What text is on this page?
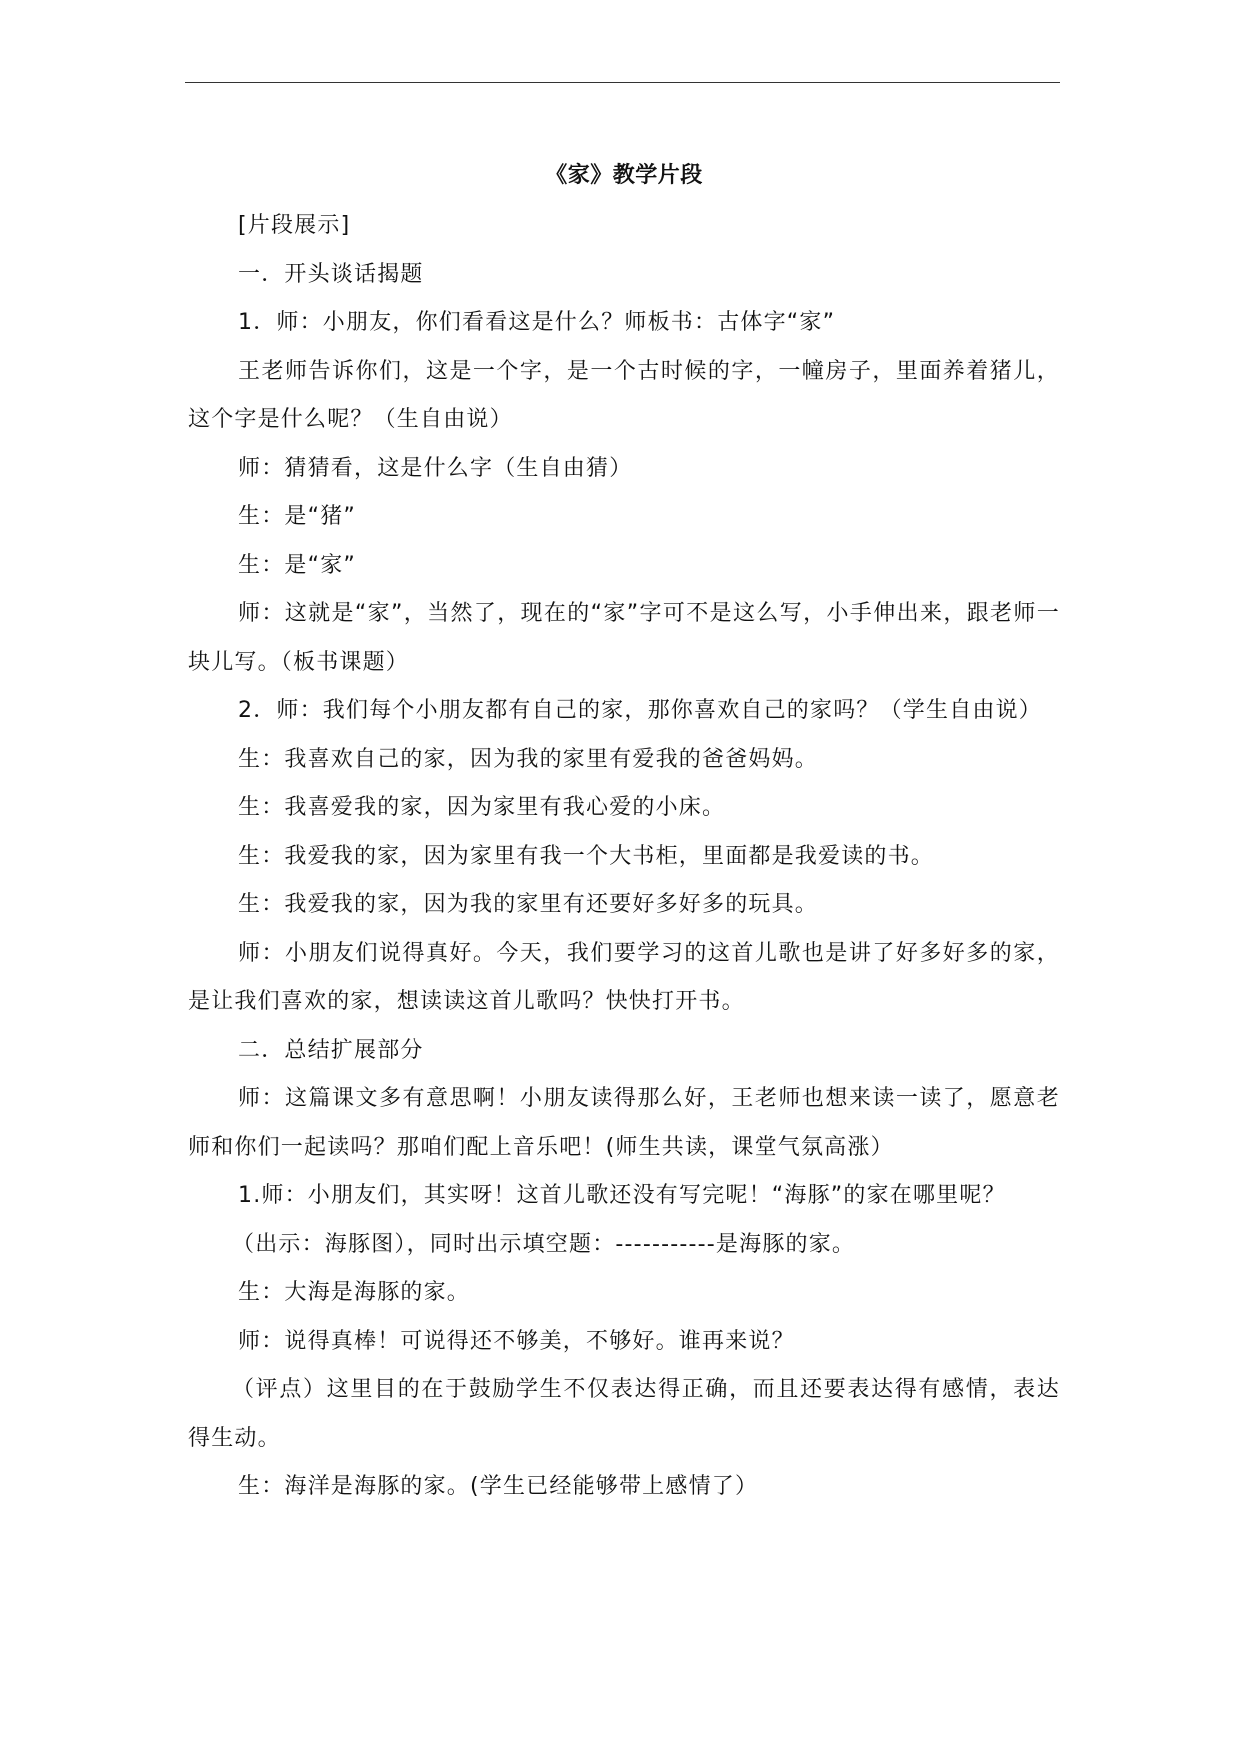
《家》教学片段

[片段展示]

一．开头谈话揭题

1．师：小朋友，你们看看这是什么？师板书：古体字“家”

王老师告诉你们，这是一个字，是一个古时候的字，一幢房子，里面养着猪儿，这个字是什么呢？（生自由说）

师：猜猜看，这是什么字（生自由猜）

生：是“猪”

生：是“家”

师：这就是“家”，当然了，现在的“家”字可不是这么写，小手伸出来，跟老师一块儿写。（板书课题）

2．师：我们每个小朋友都有自己的家，那你喜欢自己的家吗？（学生自由说）

生：我喜欢自己的家，因为我的家里有爱我的爸爸妈妈。

生：我喜爱我的家，因为家里有我心爱的小床。

生：我爱我的家，因为家里有我一个大书柜，里面都是我爱读的书。

生：我爱我的家，因为我的家里有还要好多好多的玩具。

师：小朋友们说得真好。今天，我们要学习的这首儿歌也是讲了好多好多的家，是让我们喜欢的家，想读读这首儿歌吗？快快打开书。

二．总结扩展部分

师：这篇课文多有意思啊！小朋友读得那么好，王老师也想来读一读了，愿意老师和你们一起读吗？那咱们配上音乐吧！(师生共读，课堂气氛高涨）

1.师：小朋友们，其实呀！这首儿歌还没有写完呢！“海豚”的家在哪里呢？

（出示：海豚图），同时出示填空题：-----------是海豚的家。

生：大海是海豚的家。

师：说得真棒！可说得还不够美，不够好。谁再来说？

（评点）这里目的在于鼓励学生不仅表达得正确，而且还要表达得有感情，表达得生动。

生：海洋是海豚的家。(学生已经能够带上感情了）
